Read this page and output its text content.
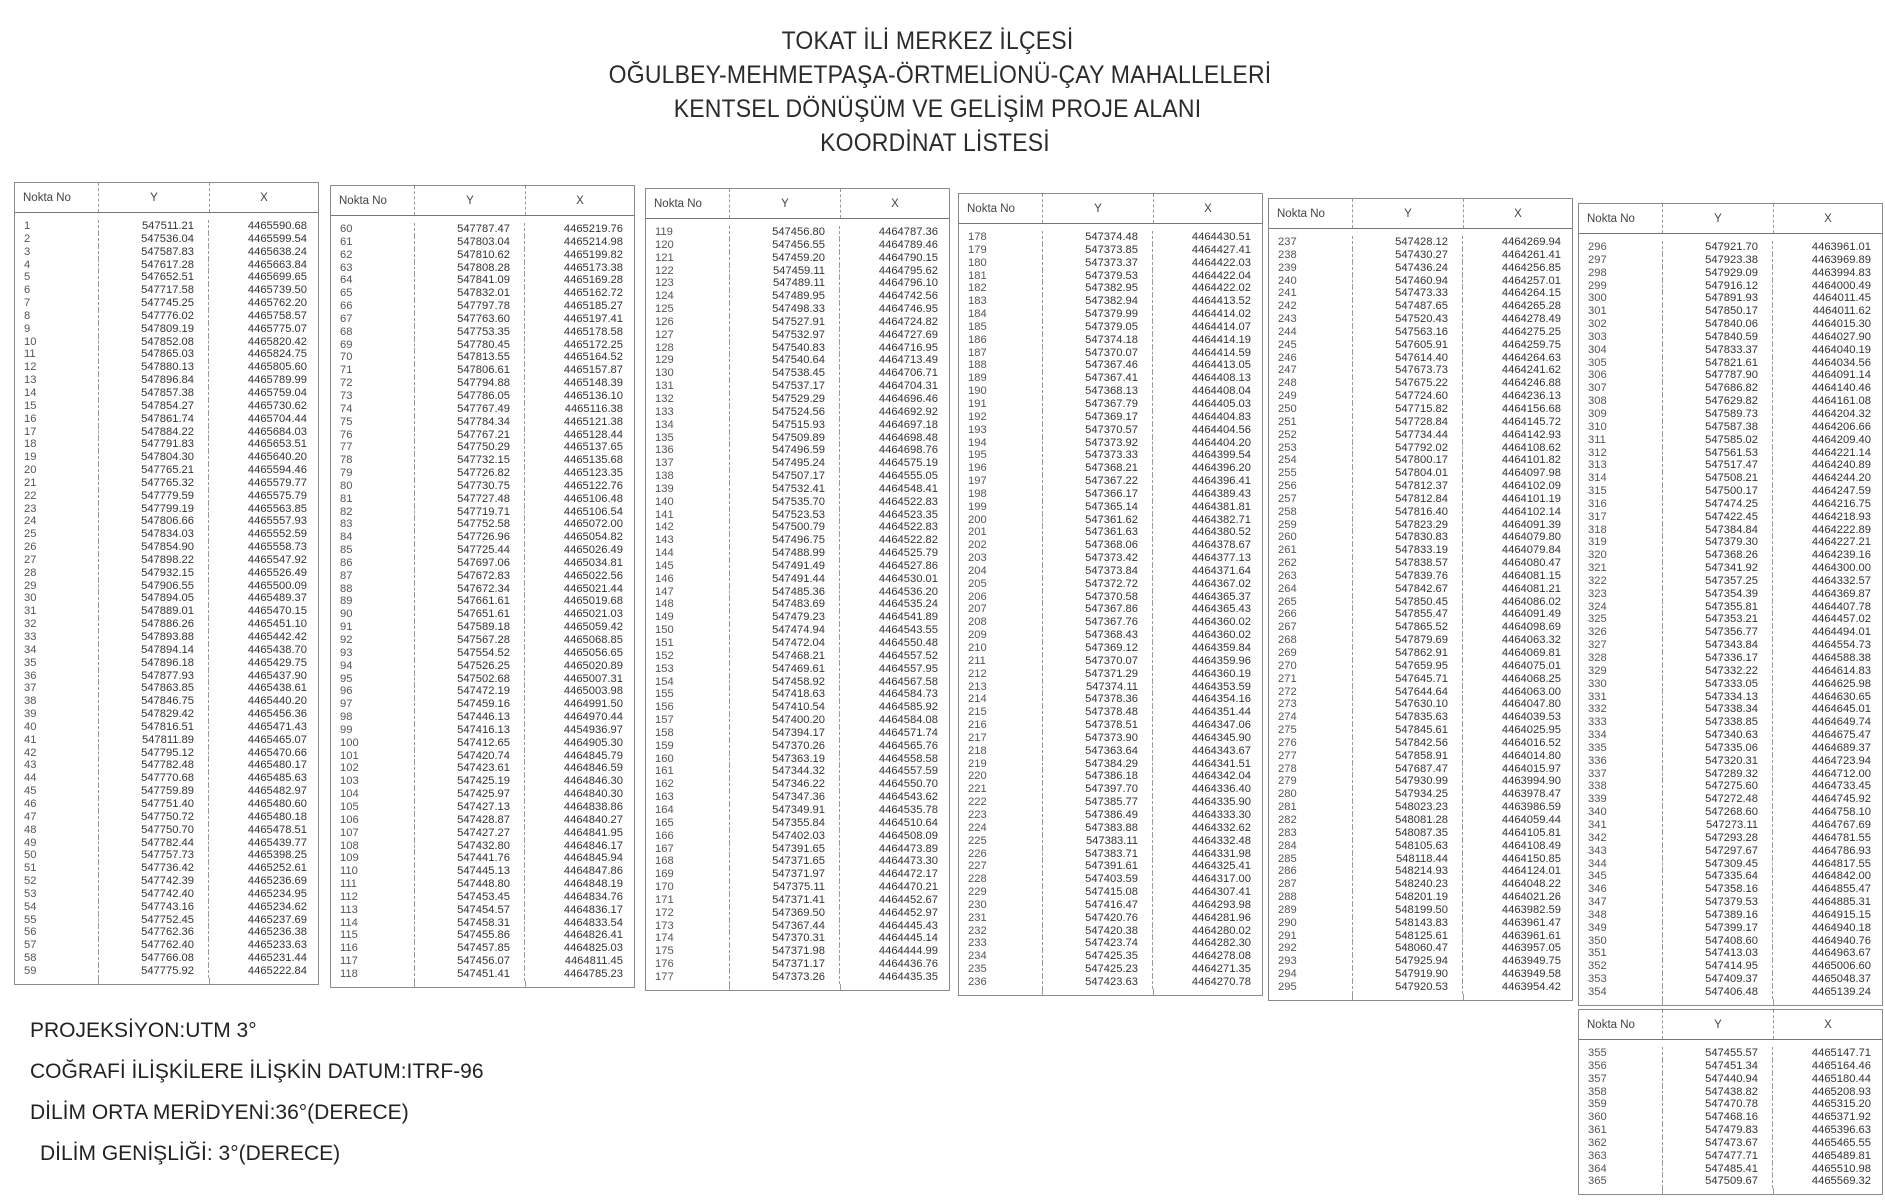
TOKAT İLİ MERKEZ İLÇESİ
OĞULBEY-MEHMETPAŞA-ÖRTMELİONÜ-ÇAY MAHALLELERİ
KENTSEL DÖNÜŞÜM VE GELİŞİM PROJE ALANI
KOORDİNAT LİSTESİ
Nokta No	Y	X
1	547511.21	4465590.68
2	547536.04	4465599.54
3	547587.83	4465638.24
4	547617.28	4465663.84
5	547652.51	4465699.65
6	547717.58	4465739.50
7	547745.25	4465762.20
8	547776.02	4465758.57
9	547809.19	4465775.07
10	547852.08	4465820.42
11	547865.03	4465824.75
12	547880.13	4465805.60
13	547896.84	4465789.99
14	547857.38	4465759.04
15	547854.27	4465730.62
16	547861.74	4465704.44
17	547884.22	4465684.03
18	547791.83	4465653.51
19	547804.30	4465640.20
20	547765.21	4465594.46
21	547765.32	4465579.77
22	547779.59	4465575.79
23	547799.19	4465563.85
24	547806.66	4465557.93
25	547834.03	4465552.59
26	547854.90	4465558.73
27	547898.22	4465547.92
28	547932.15	4465526.49
29	547906.55	4465500.09
30	547894.05	4465489.37
31	547889.01	4465470.15
32	547886.26	4465451.10
33	547893.88	4465442.42
34	547894.14	4465438.70
35	547896.18	4465429.75
36	547877.93	4465437.90
37	547863.85	4465438.61
38	547846.75	4465440.20
39	547829.42	4465456.36
40	547816.51	4465471.43
41	547811.89	4465465.07
42	547795.12	4465470.66
43	547782.48	4465480.17
44	547770.68	4465485.63
45	547759.89	4465482.97
46	547751.40	4465480.60
47	547750.72	4465480.18
48	547750.70	4465478.51
49	547782.44	4465439.77
50	547757.73	4465398.25
51	547736.42	4465252.61
52	547742.39	4465236.69
53	547742.40	4465234.95
54	547743.16	4465234.62
55	547752.45	4465237.69
56	547762.36	4465236.38
57	547762.40	4465233.63
58	547766.08	4465231.44
59	547775.92	4465222.84
Nokta No	Y	X
60	547787.47	4465219.76
61	547803.04	4465214.98
62	547810.62	4465199.82
63	547808.28	4465173.38
64	547841.09	4465169.28
65	547832.01	4465162.72
66	547797.78	4465185.27
67	547763.60	4465197.41
68	547753.35	4465178.58
69	547780.45	4465172.25
70	547813.55	4465164.52
71	547806.61	4465157.87
72	547794.88	4465148.39
73	547786.05	4465136.10
74	547767.49	4465116.38
75	547784.34	4465121.38
76	547767.21	4465128.44
77	547750.29	4465137.65
78	547732.15	4465135.68
79	547726.82	4465123.35
80	547730.75	4465122.76
81	547727.48	4465106.48
82	547719.71	4465106.54
83	547752.58	4465072.00
84	547726.96	4465054.82
85	547725.44	4465026.49
86	547697.06	4465034.81
87	547672.83	4465022.56
88	547672.34	4465021.44
89	547661.61	4465019.68
90	547651.61	4465021.03
91	547589.18	4465059.42
92	547567.28	4465068.85
93	547554.52	4465056.65
94	547526.25	4465020.89
95	547502.68	4465007.31
96	547472.19	4465003.98
97	547459.16	4464991.50
98	547446.13	4464970.44
99	547416.13	4454936.97
100	547412.65	4464905.30
101	547420.74	4464845.79
102	547423.61	4464846.59
103	547425.19	4464846.30
104	547425.97	4464840.30
105	547427.13	4464838.86
106	547428.87	4464840.27
107	547427.27	4464841.95
108	547432.80	4464846.17
109	547441.76	4464845.94
110	547445.13	4464847.86
111	547448.80	4464848.19
112	547453.45	4464834.76
113	547454.57	4464836.17
114	547458.31	4464833.54
115	547455.86	4464826.41
116	547457.85	4464825.03
117	547456.07	4464811.45
118	547451.41	4464785.23
Nokta No	Y	X
119	547456.80	4464787.36
120	547456.55	4464789.46
121	547459.20	4464790.15
122	547459.11	4464795.62
123	547489.11	4464796.10
124	547489.95	4464742.56
125	547498.33	4464746.95
126	547527.91	4464724.82
127	547532.97	4464727.69
128	547540.83	4464716.95
129	547540.64	4464713.49
130	547538.45	4464706.71
131	547537.17	4464704.31
132	547529.29	4464696.46
133	547524.56	4464692.92
134	547515.93	4464697.18
135	547509.89	4464698.48
136	547496.59	4464698.76
137	547495.24	4464575.19
138	547507.17	4464555.05
139	547532.41	4464548.41
140	547535.70	4464522.83
141	547523.53	4464523.35
142	547500.79	4464522.83
143	547496.75	4464522.82
144	547488.99	4464525.79
145	547491.49	4464527.86
146	547491.44	4464530.01
147	547485.36	4464536.20
148	547483.69	4464535.24
149	547479.23	4464541.89
150	547474.94	4464543.55
151	547472.04	4464550.48
152	547468.21	4464557.52
153	547469.61	4464557.95
154	547458.92	4464567.58
155	547418.63	4464584.73
156	547410.54	4464585.92
157	547400.20	4464584.08
158	547394.17	4464571.74
159	547370.26	4464565.76
160	547363.19	4464558.58
161	547344.32	4464557.59
162	547346.22	4464550.70
163	547347.36	4464543.62
164	547349.91	4464535.78
165	547355.84	4464510.64
166	547402.03	4464508.09
167	547391.65	4464473.89
168	547371.65	4464473.30
169	547371.97	4464472.17
170	547375.11	4464470.21
171	547371.41	4464452.67
172	547369.50	4464452.97
173	547367.44	4464445.43
174	547370.31	4464445.14
175	547371.98	4464444.99
176	547371.17	4464436.76
177	547373.26	4464435.35
Nokta No	Y	X
178	547374.48	4464430.51
179	547373.85	4464427.41
180	547373.37	4464422.03
181	547379.53	4464422.04
182	547382.95	4464422.02
183	547382.94	4464413.52
184	547379.99	4464414.02
185	547379.05	4464414.07
186	547374.18	4464414.19
187	547370.07	4464414.59
188	547367.46	4464413.05
189	547367.41	4464408.13
190	547368.13	4464408.04
191	547367.79	4464405.03
192	547369.17	4464404.83
193	547370.57	4464404.56
194	547373.92	4464404.20
195	547373.33	4464399.54
196	547368.21	4464396.20
197	547367.22	4464396.41
198	547366.17	4464389.43
199	547365.14	4464381.81
200	547361.62	4464382.71
201	547361.63	4464380.52
202	547368.06	4464378.67
203	547373.42	4464377.13
204	547373.84	4464371.64
205	547372.72	4464367.02
206	547370.58	4464365.37
207	547367.86	4464365.43
208	547367.76	4464360.02
209	547368.43	4464360.02
210	547369.12	4464359.84
211	547370.07	4464359.96
212	547371.29	4464360.19
213	547374.11	4464353.59
214	547378.36	4464354.16
215	547378.48	4464351.44
216	547378.51	4464347.06
217	547373.90	4464345.90
218	547363.64	4464343.67
219	547384.29	4464341.51
220	547386.18	4464342.04
221	547397.70	4464336.40
222	547385.77	4464335.90
223	547386.49	4464333.30
224	547383.88	4464332.62
225	547383.11	4464332.48
226	547383.71	4464331.98
227	547391.61	4464325.41
228	547403.59	4464317.00
229	547415.08	4464307.41
230	547416.47	4464293.98
231	547420.76	4464281.96
232	547420.38	4464280.02
233	547423.74	4464282.30
234	547425.35	4464278.08
235	547425.23	4464271.35
236	547423.63	4464270.78
Nokta No	Y	X
237	547428.12	4464269.94
238	547430.27	4464261.41
239	547436.24	4464256.85
240	547460.94	4464257.01
241	547473.33	4464264.15
242	547487.65	4464265.28
243	547520.43	4464278.49
244	547563.16	4464275.25
245	547605.91	4464259.75
246	547614.40	4464264.63
247	547673.73	4464241.62
248	547675.22	4464246.88
249	547724.60	4464236.13
250	547715.82	4464156.68
251	547728.84	4464145.72
252	547734.44	4464142.93
253	547792.02	4464108.62
254	547800.17	4464101.82
255	547804.01	4464097.98
256	547812.37	4464102.09
257	547812.84	4464101.19
258	547816.40	4464102.14
259	547823.29	4464091.39
260	547830.83	4464079.80
261	547833.19	4464079.84
262	547838.57	4464080.47
263	547839.76	4464081.15
264	547842.67	4464081.21
265	547850.45	4464086.02
266	547855.47	4464091.49
267	547865.52	4464098.69
268	547879.69	4464063.32
269	547862.91	4464069.81
270	547659.95	4464075.01
271	547645.71	4464068.25
272	547644.64	4464063.00
273	547630.10	4464047.80
274	547835.63	4464039.53
275	547845.61	4464025.95
276	547842.56	4464016.52
277	547858.91	4464014.80
278	547687.47	4464015.97
279	547930.99	4463994.90
280	547934.25	4463978.47
281	548023.23	4463986.59
282	548081.28	4464059.44
283	548087.35	4464105.81
284	548105.63	4464108.49
285	548118.44	4464150.85
286	548214.93	4464124.01
287	548240.23	4464048.22
288	548201.19	4464021.26
289	548199.50	4463982.59
290	548143.83	4463961.47
291	548125.61	4463961.61
292	548060.47	4463957.05
293	547925.94	4463949.75
294	547919.90	4463949.58
295	547920.53	4463954.42
Nokta No	Y	X
296	547921.70	4463961.01
297	547923.38	4463969.89
298	547929.09	4463994.83
299	547916.12	4464000.49
300	547891.93	4464011.45
301	547850.17	4464011.62
302	547840.06	4464015.30
303	547840.59	4464027.90
304	547833.37	4464040.19
305	547821.61	4464034.56
306	547787.90	4464091.14
307	547686.82	4464140.46
308	547629.82	4464161.08
309	547589.73	4464204.32
310	547587.38	4464206.66
311	547585.02	4464209.40
312	547561.53	4464221.14
313	547517.47	4464240.89
314	547508.21	4464244.20
315	547500.17	4464247.59
316	547474.25	4464216.75
317	547422.45	4464218.93
318	547384.84	4464222.89
319	547379.30	4464227.21
320	547368.26	4464239.16
321	547341.92	4464300.00
322	547357.25	4464332.57
323	547354.39	4464369.87
324	547355.81	4464407.78
325	547353.21	4464457.02
326	547356.77	4464494.01
327	547343.84	4464554.73
328	547336.17	4464588.38
329	547332.22	4464614.83
330	547333.05	4464625.98
331	547334.13	4464630.65
332	547338.34	4464645.01
333	547338.85	4464649.74
334	547340.63	4464675.47
335	547335.06	4464689.37
336	547320.31	4464723.94
337	547289.32	4464712.00
338	547275.60	4464733.45
339	547272.48	4464745.92
340	547268.60	4464758.10
341	547273.11	4464767.69
342	547293.28	4464781.55
343	547297.67	4464786.93
344	547309.45	4464817.55
345	547335.64	4464842.00
346	547358.16	4464855.47
347	547379.53	4464885.31
348	547389.16	4464915.15
349	547399.17	4464940.18
350	547408.60	4464940.76
351	547413.03	4464963.67
352	547414.95	4465006.60
353	547409.37	4465048.37
354	547406.48	4465139.24
Nokta No	Y	X
355	547455.57	4465147.71
356	547451.34	4465164.46
357	547440.94	4465180.44
358	547438.82	4465208.93
359	547470.78	4465315.20
360	547468.16	4465371.92
361	547479.83	4465396.63
362	547473.67	4465465.55
363	547477.71	4465489.81
364	547485.41	4465510.98
365	547509.67	4465569.32
PROJEKSİYON:UTM 3°
COĞRAFİ İLİŞKİLERE İLİŞKİN DATUM:ITRF-96
DİLİM ORTA MERİDYENİ:36°(DERECE)
DİLİM GENİŞLİĞİ: 3°(DERECE)
